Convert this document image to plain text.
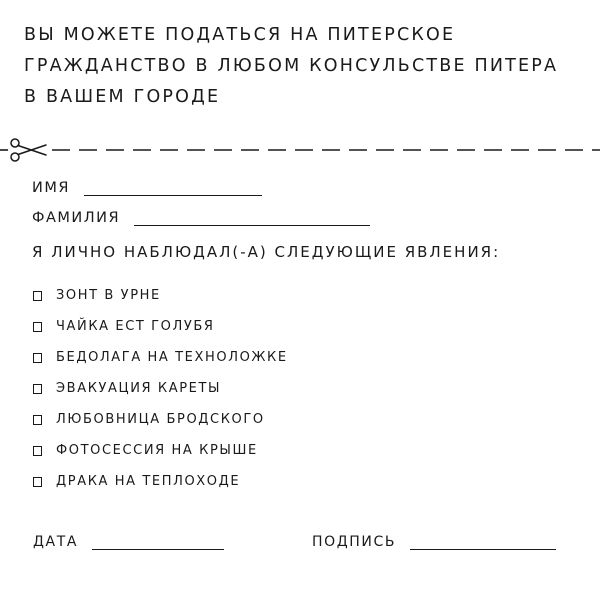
ВЫ МОЖЕТЕ ПОДАТЬСЯ НА ПИТЕРСКОЕ
ГРАЖДАНСТВО В ЛЮБОМ КОНСУЛЬСТВЕ ПИТЕРА
В ВАШЕМ ГОРОДЕ
ИМЯ
ФАМИЛИЯ
Я ЛИЧНО НАБЛЮДАЛ(-А) СЛЕДУЮЩИЕ ЯВЛЕНИЯ:
ЗОНТ В УРНЕ
ЧАЙКА ЕСТ ГОЛУБЯ
БЕДОЛАГА НА ТЕХНОЛОЖКЕ
ЭВАКУАЦИЯ КАРЕТЫ
ЛЮБОВНИЦА БРОДСКОГО
ФОТОСЕССИЯ НА КРЫШЕ
ДРАКА НА ТЕПЛОХОДЕ
ДАТА	ПОДПИСЬ
